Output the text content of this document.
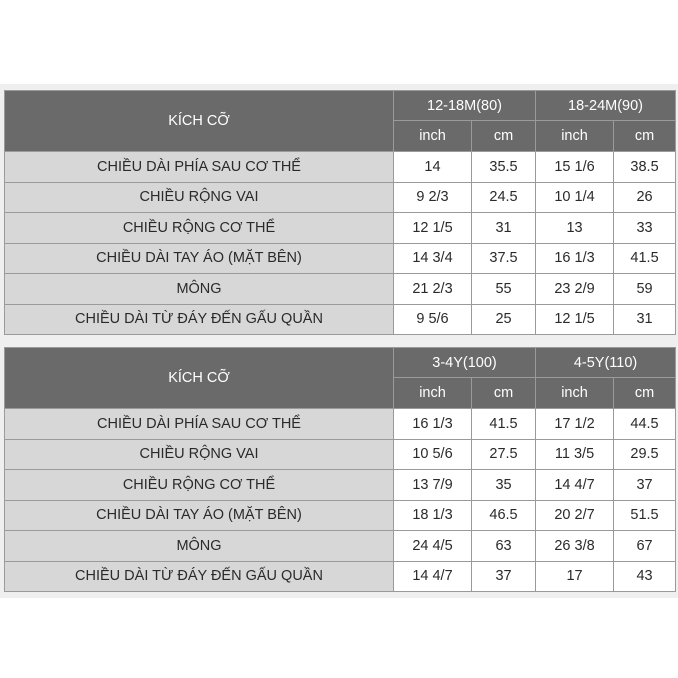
KÍCH CỠ	12-18M(80)		18-24M(90)	
	inch	cm	inch	cm
CHIỀU DÀI PHÍA SAU CƠ THỂ	14	35.5	15 1/6	38.5
CHIỀU RỘNG VAI	9 2/3	24.5	10 1/4	26
CHIỀU RỘNG CƠ THỂ	12 1/5	31	13	33
CHIỀU DÀI TAY ÁO (MẶT BÊN)	14 3/4	37.5	16 1/3	41.5
MÔNG	21 2/3	55	23 2/9	59
CHIỀU DÀI TỪ ĐÁY ĐẾN GẤU QUẦN	9 5/6	25	12 1/5	31
KÍCH CỠ	3-4Y(100)		4-5Y(110)	
	inch	cm	inch	cm
CHIỀU DÀI PHÍA SAU CƠ THỂ	16 1/3	41.5	17 1/2	44.5
CHIỀU RỘNG VAI	10 5/6	27.5	11 3/5	29.5
CHIỀU RỘNG CƠ THỂ	13 7/9	35	14 4/7	37
CHIỀU DÀI TAY ÁO (MẶT BÊN)	18 1/3	46.5	20 2/7	51.5
MÔNG	24 4/5	63	26 3/8	67
CHIỀU DÀI TỪ ĐÁY ĐẾN GẤU QUẦN	14 4/7	37	17	43
